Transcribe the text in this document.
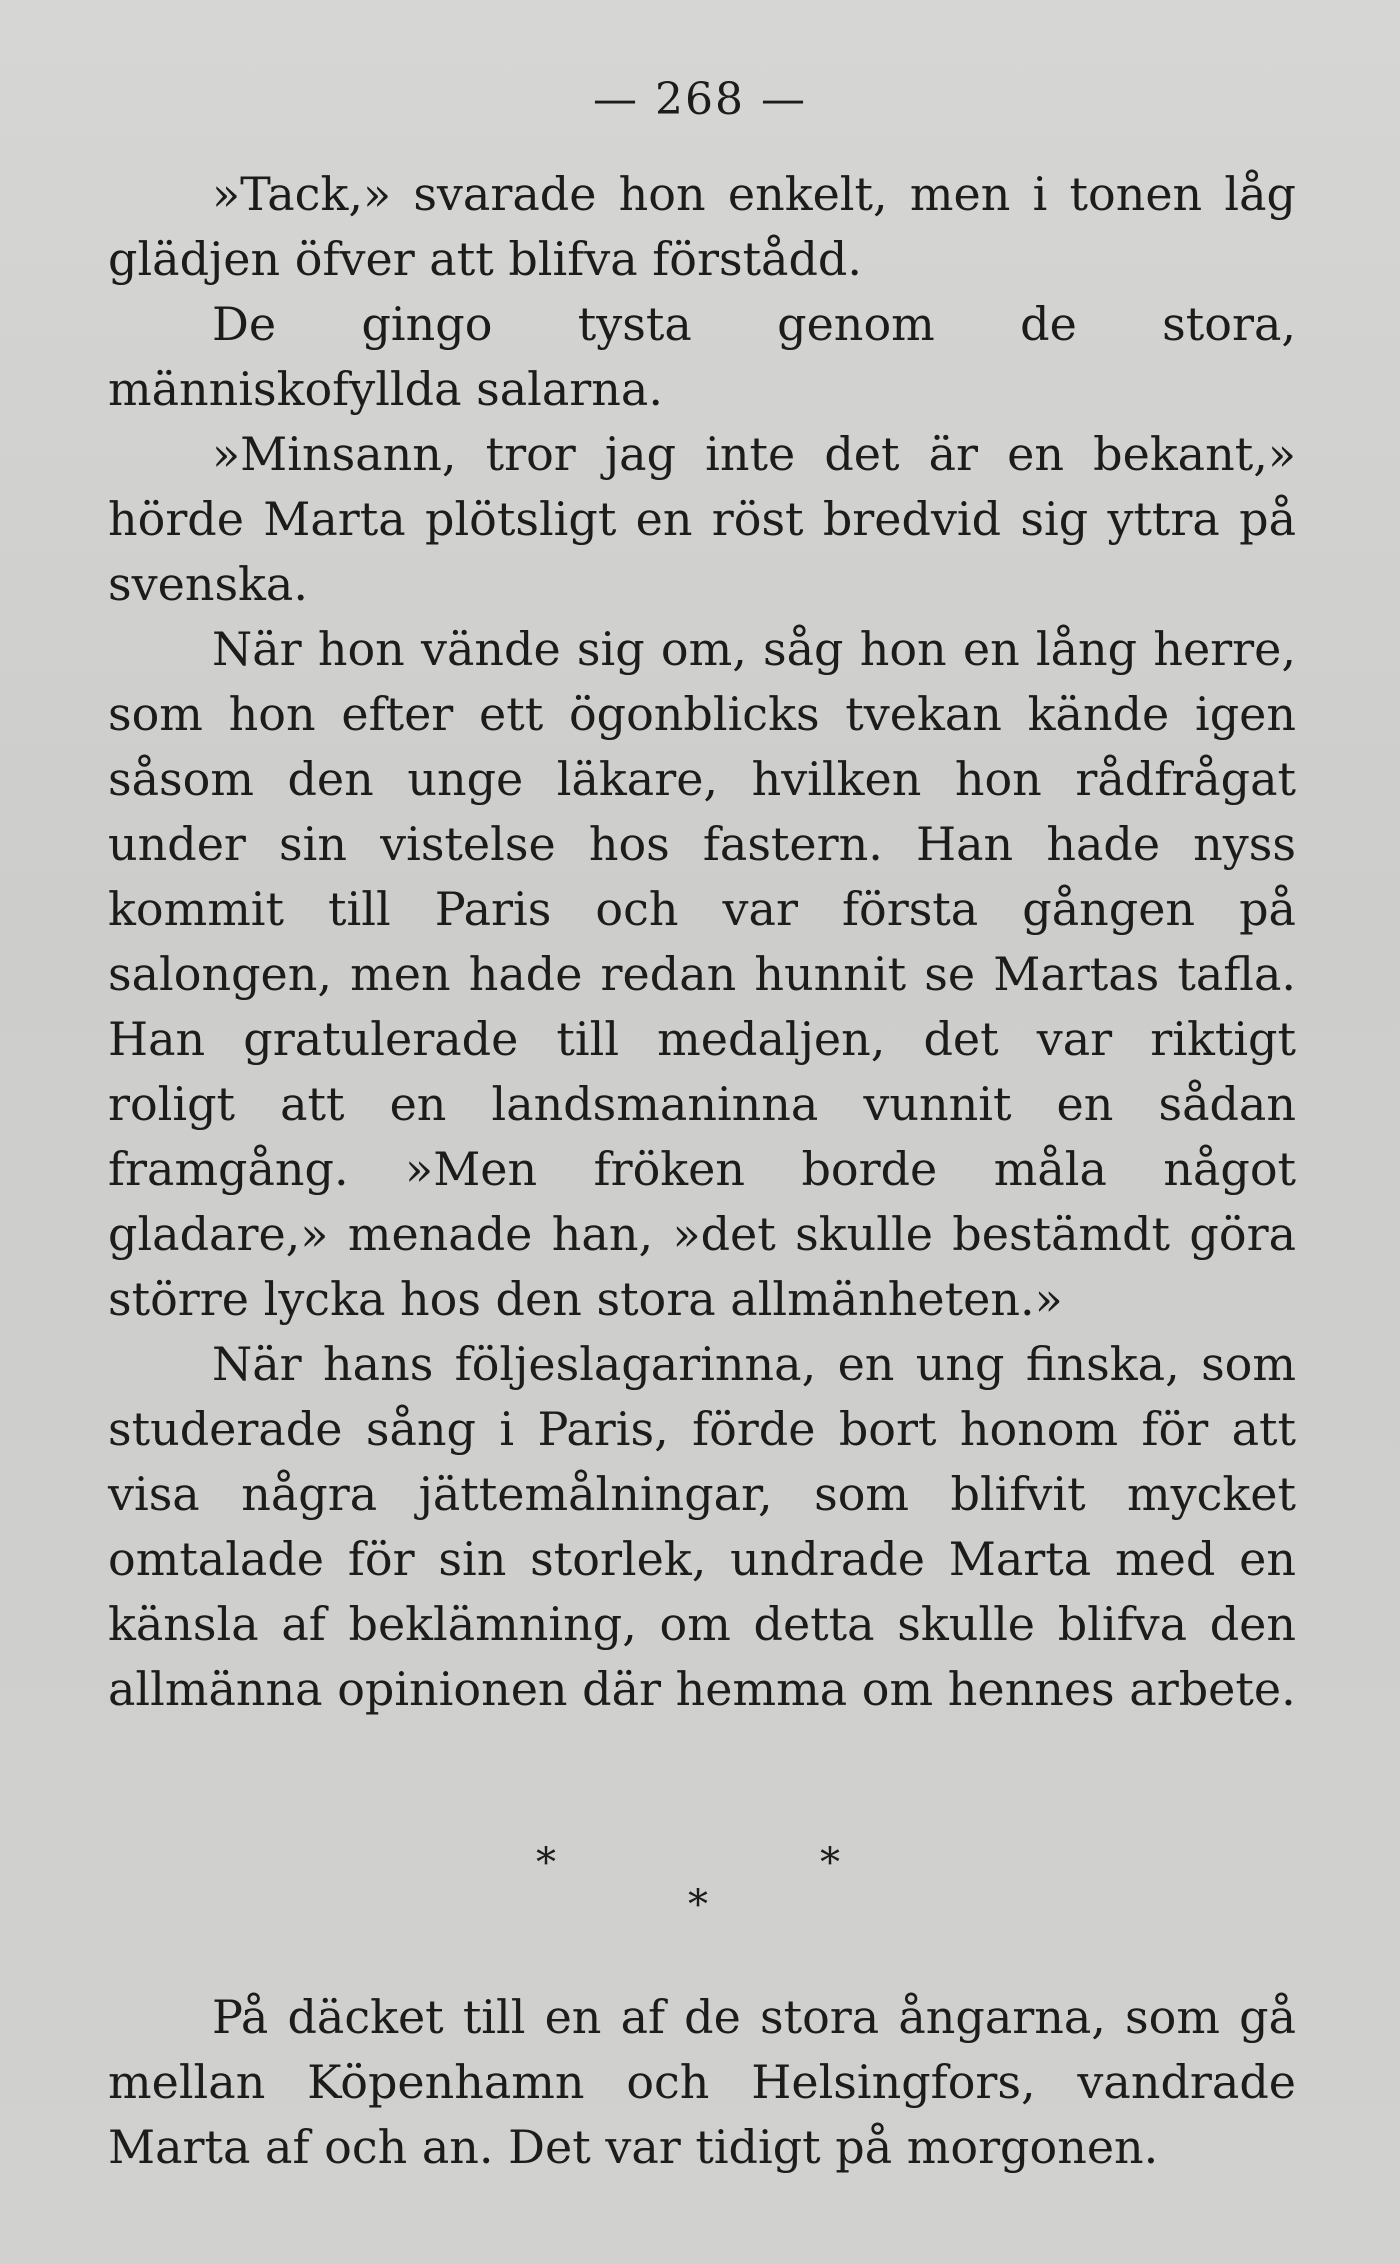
— 268 —

»Tack,» svarade hon enkelt, men i tonen låg glädjen öfver att blifva förstådd.

De gingo tysta genom de stora, människofyllda salarna.

»Minsann, tror jag inte det är en bekant,» hörde Marta plötsligt en röst bredvid sig yttra på svenska.

När hon vände sig om, såg hon en lång herre, som hon efter ett ögonblicks tvekan kände igen såsom den unge läkare, hvilken hon rådfrågat under sin vistelse hos fastern. Han hade nyss kommit till Paris och var första gången på salongen, men hade redan hunnit se Martas tafla. Han gratulerade till medaljen, det var riktigt roligt att en landsmaninna vunnit en sådan framgång. »Men fröken borde måla något gladare,» menade han, »det skulle bestämdt göra större lycka hos den stora allmänheten.»

När hans följeslagarinna, en ung finska, som studerade sång i Paris, förde bort honom för att visa några jättemålningar, som blifvit mycket omtalade för sin storlek, undrade Marta med en känsla af beklämning, om detta skulle blifva den allmänna opinionen där hemma om hennes arbete.

*	*
*

På däcket till en af de stora ångarna, som gå mellan Köpenhamn och Helsingfors, vandrade Marta af och an. Det var tidigt på morgonen.
